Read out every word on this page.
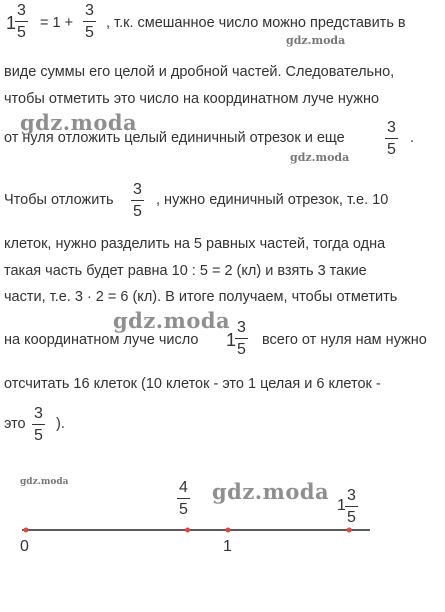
1
3
5
= 1 +
3
5
, т.к. смешанное число можно представить в
gdz.moda
виде суммы его целой и дробной частей. Следовательно,
чтобы отметить это число на координатном луче нужно
gdz.moda
от нуля отложить целый единичный отрезок и еще
3
5
.
gdz.moda
Чтобы отложить
3
5
, нужно единичный отрезок, т.е. 10
клеток, нужно разделить на 5 равных частей, тогда одна
такая часть будет равна 10 : 5 = 2 (кл) и взять 3 такие
части, т.е. 3 · 2 = 6 (кл). В итоге получаем, чтобы отметить
gdz.moda
на координатном луче число 1
3
5
всего от нуля нам нужно
отсчитать 16 клеток (10 клеток - это 1 целая и 6 клеток -
это
3
5
).
gdz.moda	gdz.moda
4
5
0	1
1
3
5
